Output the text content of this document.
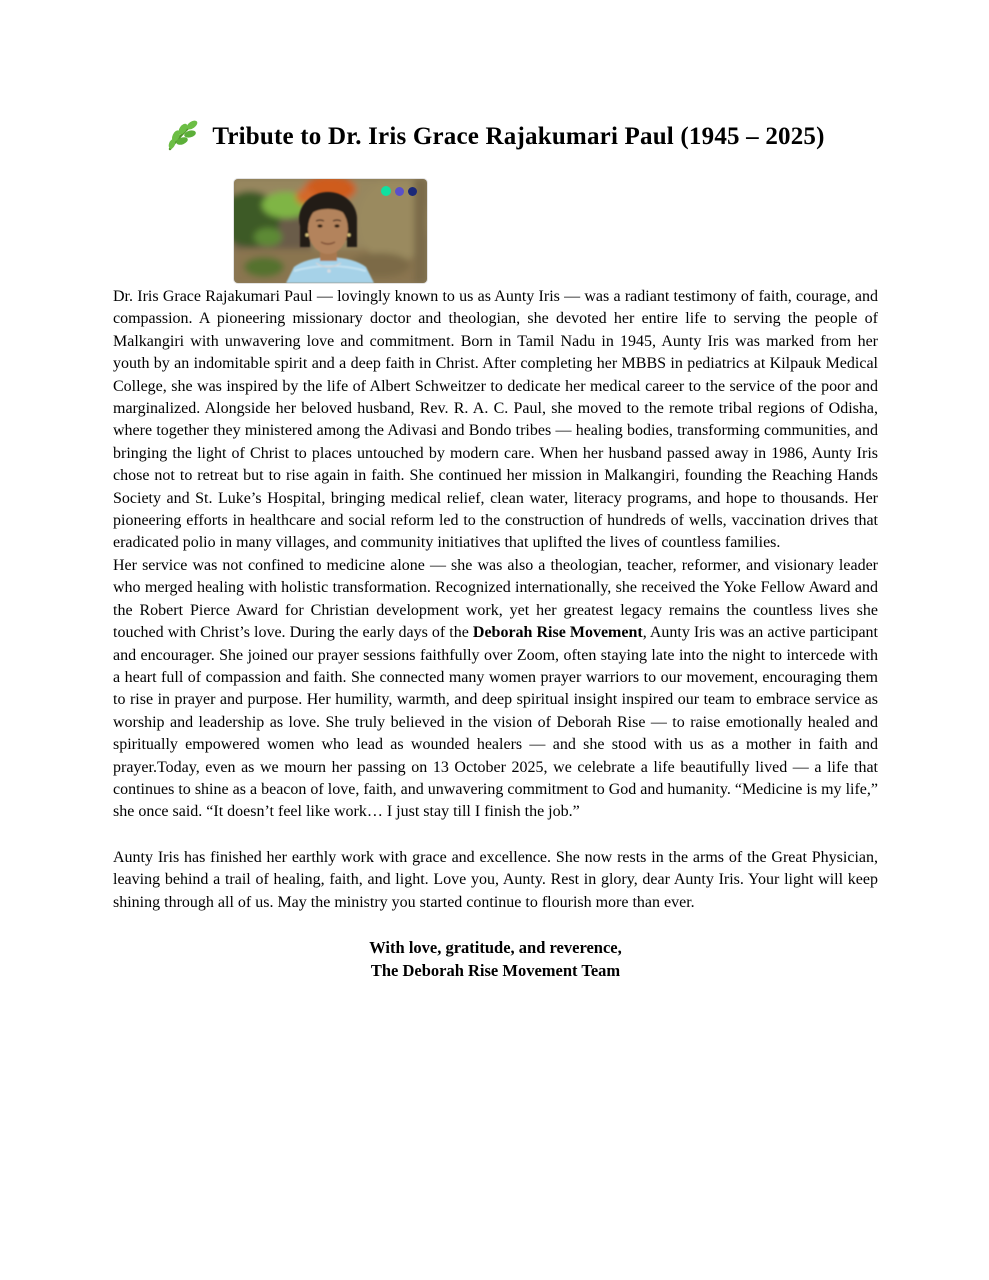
Tribute to Dr. Iris Grace Rajakumari Paul (1945 – 2025)

Dr. Iris Grace Rajakumari Paul — lovingly known to us as Aunty Iris — was a radiant testimony of faith, courage, and compassion. A pioneering missionary doctor and theologian, she devoted her entire life to serving the people of Malkangiri with unwavering love and commitment. Born in Tamil Nadu in 1945, Aunty Iris was marked from her youth by an indomitable spirit and a deep faith in Christ. After completing her MBBS in pediatrics at Kilpauk Medical College, she was inspired by the life of Albert Schweitzer to dedicate her medical career to the service of the poor and marginalized. Alongside her beloved husband, Rev. R. A. C. Paul, she moved to the remote tribal regions of Odisha, where together they ministered among the Adivasi and Bondo tribes — healing bodies, transforming communities, and bringing the light of Christ to places untouched by modern care. When her husband passed away in 1986, Aunty Iris chose not to retreat but to rise again in faith. She continued her mission in Malkangiri, founding the Reaching Hands Society and St. Luke’s Hospital, bringing medical relief, clean water, literacy programs, and hope to thousands. Her pioneering efforts in healthcare and social reform led to the construction of hundreds of wells, vaccination drives that eradicated polio in many villages, and community initiatives that uplifted the lives of countless families.

Her service was not confined to medicine alone — she was also a theologian, teacher, reformer, and visionary leader who merged healing with holistic transformation. Recognized internationally, she received the Yoke Fellow Award and the Robert Pierce Award for Christian development work, yet her greatest legacy remains the countless lives she touched with Christ’s love. During the early days of the Deborah Rise Movement, Aunty Iris was an active participant and encourager. She joined our prayer sessions faithfully over Zoom, often staying late into the night to intercede with a heart full of compassion and faith. She connected many women prayer warriors to our movement, encouraging them to rise in prayer and purpose. Her humility, warmth, and deep spiritual insight inspired our team to embrace service as worship and leadership as love. She truly believed in the vision of Deborah Rise — to raise emotionally healed and spiritually empowered women who lead as wounded healers — and she stood with us as a mother in faith and prayer.Today, even as we mourn her passing on 13 October 2025, we celebrate a life beautifully lived — a life that continues to shine as a beacon of love, faith, and unwavering commitment to God and humanity. “Medicine is my life,” she once said. “It doesn’t feel like work… I just stay till I finish the job.”

Aunty Iris has finished her earthly work with grace and excellence. She now rests in the arms of the Great Physician, leaving behind a trail of healing, faith, and light. Love you, Aunty. Rest in glory, dear Aunty Iris. Your light will keep shining through all of us. May the ministry you started continue to flourish more than ever.

With love, gratitude, and reverence,
The Deborah Rise Movement Team
